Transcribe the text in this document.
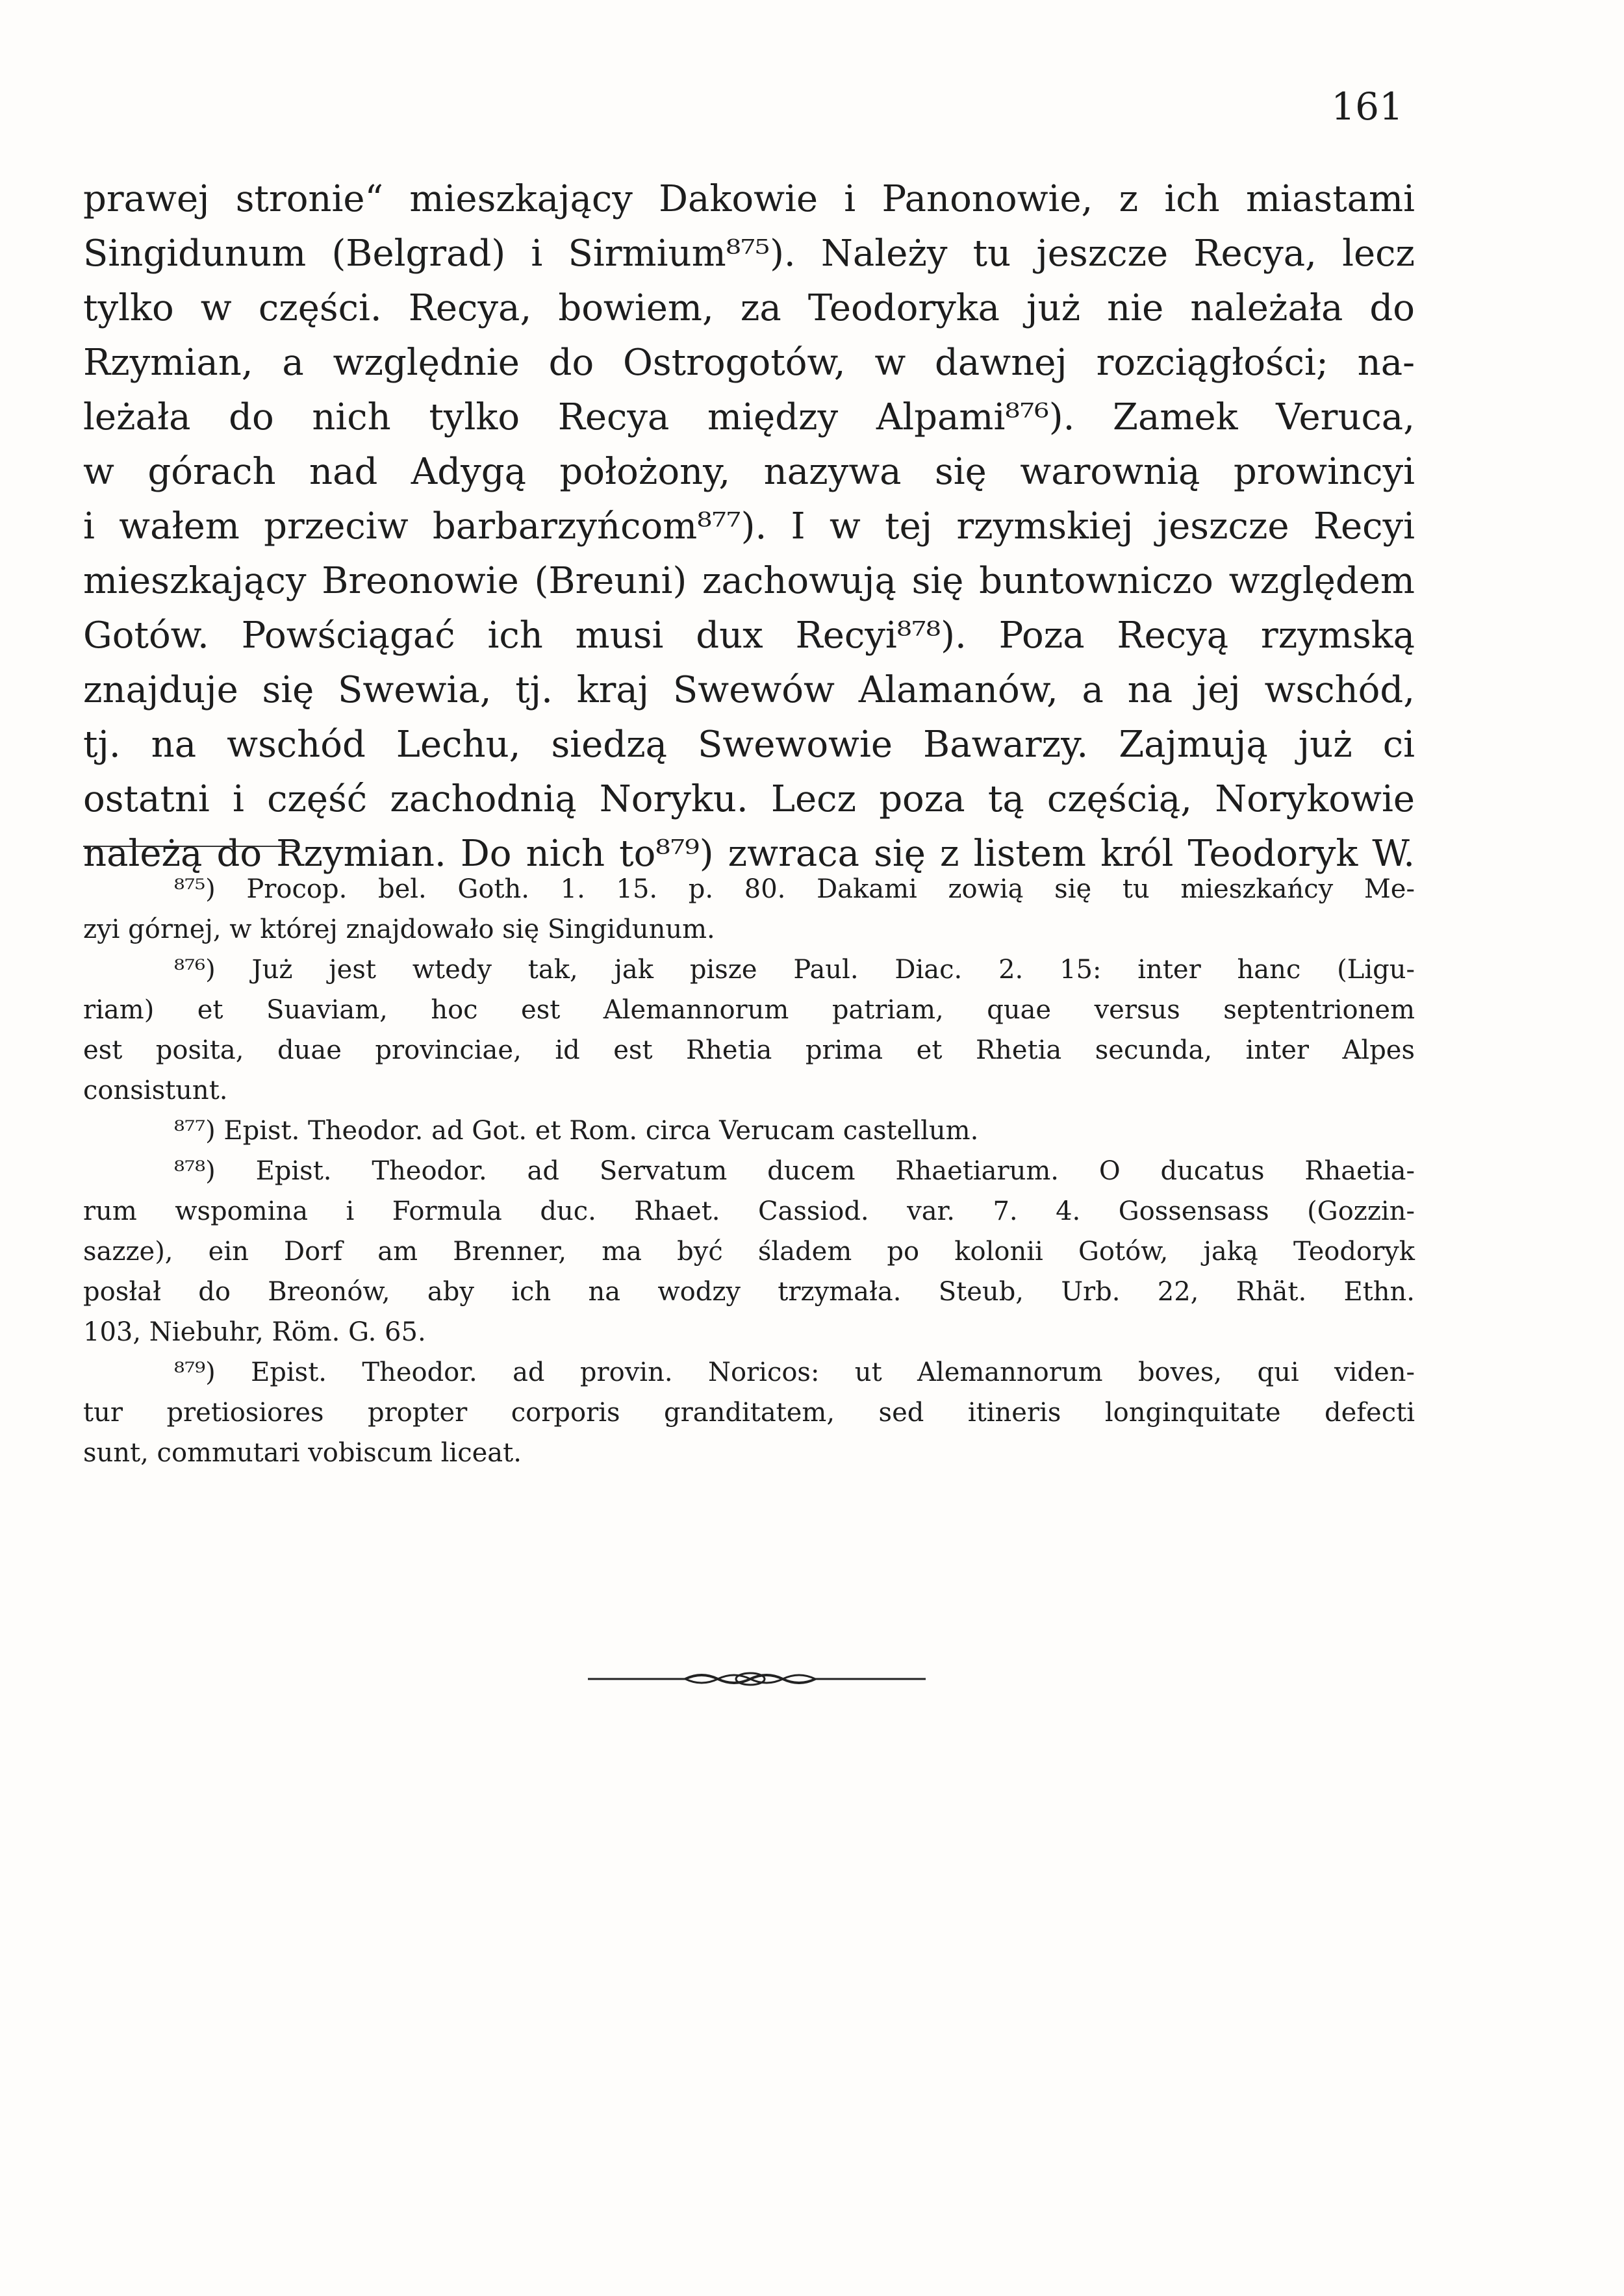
161
prawej stronie“ mieszkający Dakowie i Panonowie, z ich miastami
Singidunum (Belgrad) i Sirmium⁸⁷⁵). Należy tu jeszcze Recya, lecz
tylko w części. Recya, bowiem, za Teodoryka już nie należała do
Rzymian, a względnie do Ostrogotów, w dawnej rozciągłości; na-
leżała do nich tylko Recya między Alpami⁸⁷⁶). Zamek Veruca,
w górach nad Adygą położony, nazywa się warownią prowincyi
i wałem przeciw barbarzyńcom⁸⁷⁷). I w tej rzymskiej jeszcze Recyi
mieszkający Breonowie (Breuni) zachowują się buntowniczo względem
Gotów. Powściągać ich musi dux Recyi⁸⁷⁸). Poza Recyą rzymską
znajduje się Swewia, tj. kraj Swewów Alamanów, a na jej wschód,
tj. na wschód Lechu, siedzą Swewowie Bawarzy. Zajmują już ci
ostatni i część zachodnią Noryku. Lecz poza tą częścią, Norykowie
należą do Rzymian. Do nich to⁸⁷⁹) zwraca się z listem król Teodoryk W.
⁸⁷⁵) Procop. bel. Goth. 1. 15. p. 80. Dakami zowią się tu mieszkańcy Me-
zyi górnej, w której znajdowało się Singidunum.
⁸⁷⁶) Już jest wtedy tak, jak pisze Paul. Diac. 2. 15: inter hanc (Ligu-
riam) et Suaviam, hoc est Alemannorum patriam, quae versus septentrionem
est posita, duae provinciae, id est Rhetia prima et Rhetia secunda, inter Alpes
consistunt.
⁸⁷⁷) Epist. Theodor. ad Got. et Rom. circa Verucam castellum.
⁸⁷⁸) Epist. Theodor. ad Servatum ducem Rhaetiarum. O ducatus Rhaetia-
rum wspomina i Formula duc. Rhaet. Cassiod. var. 7. 4. Gossensass (Gozzin-
sazze), ein Dorf am Brenner, ma być śladem po kolonii Gotów, jaką Teodoryk
posłał do Breonów, aby ich na wodzy trzymała. Steub, Urb. 22, Rhät. Ethn.
103, Niebuhr, Röm. G. 65.
⁸⁷⁹) Epist. Theodor. ad provin. Noricos: ut Alemannorum boves, qui viden-
tur pretiosiores propter corporis granditatem, sed itineris longinquitate defecti
sunt, commutari vobiscum liceat.
